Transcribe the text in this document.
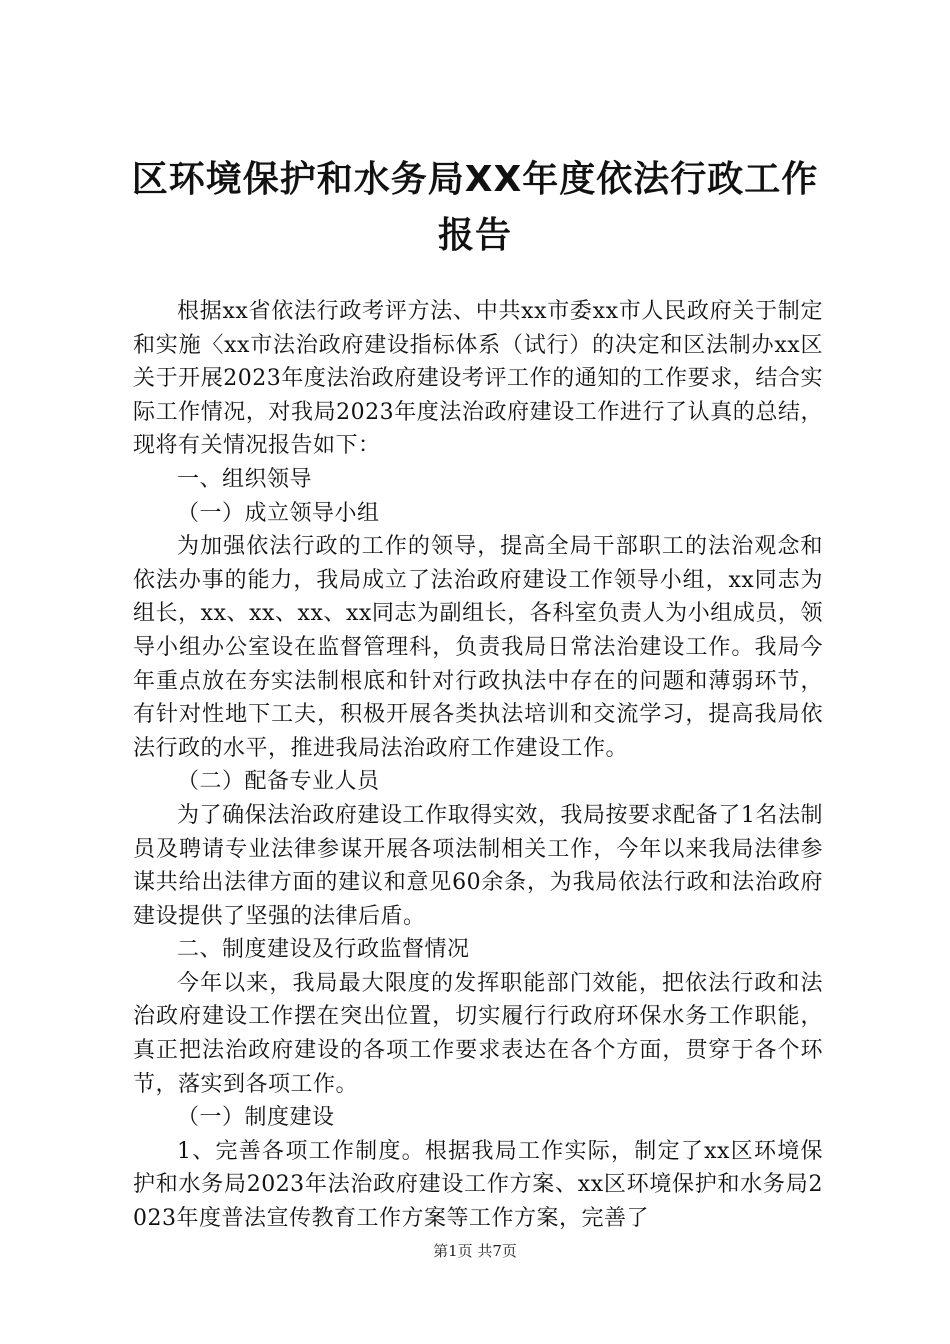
区环境保护和水务局XX年度依法行政工作报告

根据xx省依法行政考评方法、中共xx市委xx市人民政府关于制定和实施〈xx市法治政府建设指标体系（试行）的决定和区法制办xx区关于开展2023年度法治政府建设考评工作的通知的工作要求，结合实际工作情况，对我局2023年度法治政府建设工作进行了认真的总结，现将有关情况报告如下：

一、组织领导

（一）成立领导小组

为加强依法行政的工作的领导，提高全局干部职工的法治观念和依法办事的能力，我局成立了法治政府建设工作领导小组，xx同志为组长，xx、xx、xx、xx同志为副组长，各科室负责人为小组成员，领导小组办公室设在监督管理科，负责我局日常法治建设工作。我局今年重点放在夯实法制根底和针对行政执法中存在的问题和薄弱环节，有针对性地下工夫，积极开展各类执法培训和交流学习，提高我局依法行政的水平，推进我局法治政府工作建设工作。

（二）配备专业人员

为了确保法治政府建设工作取得实效，我局按要求配备了1名法制员及聘请专业法律参谋开展各项法制相关工作，今年以来我局法律参谋共给出法律方面的建议和意见60余条，为我局依法行政和法治政府建设提供了坚强的法律后盾。

二、制度建设及行政监督情况

今年以来，我局最大限度的发挥职能部门效能，把依法行政和法治政府建设工作摆在突出位置，切实履行行政府环保水务工作职能，真正把法治政府建设的各项工作要求表达在各个方面，贯穿于各个环节，落实到各项工作。

（一）制度建设

1、完善各项工作制度。根据我局工作实际，制定了xx区环境保护和水务局2023年法治政府建设工作方案、xx区环境保护和水务局2023年度普法宣传教育工作方案等工作方案，完善了

第1页 共7页
